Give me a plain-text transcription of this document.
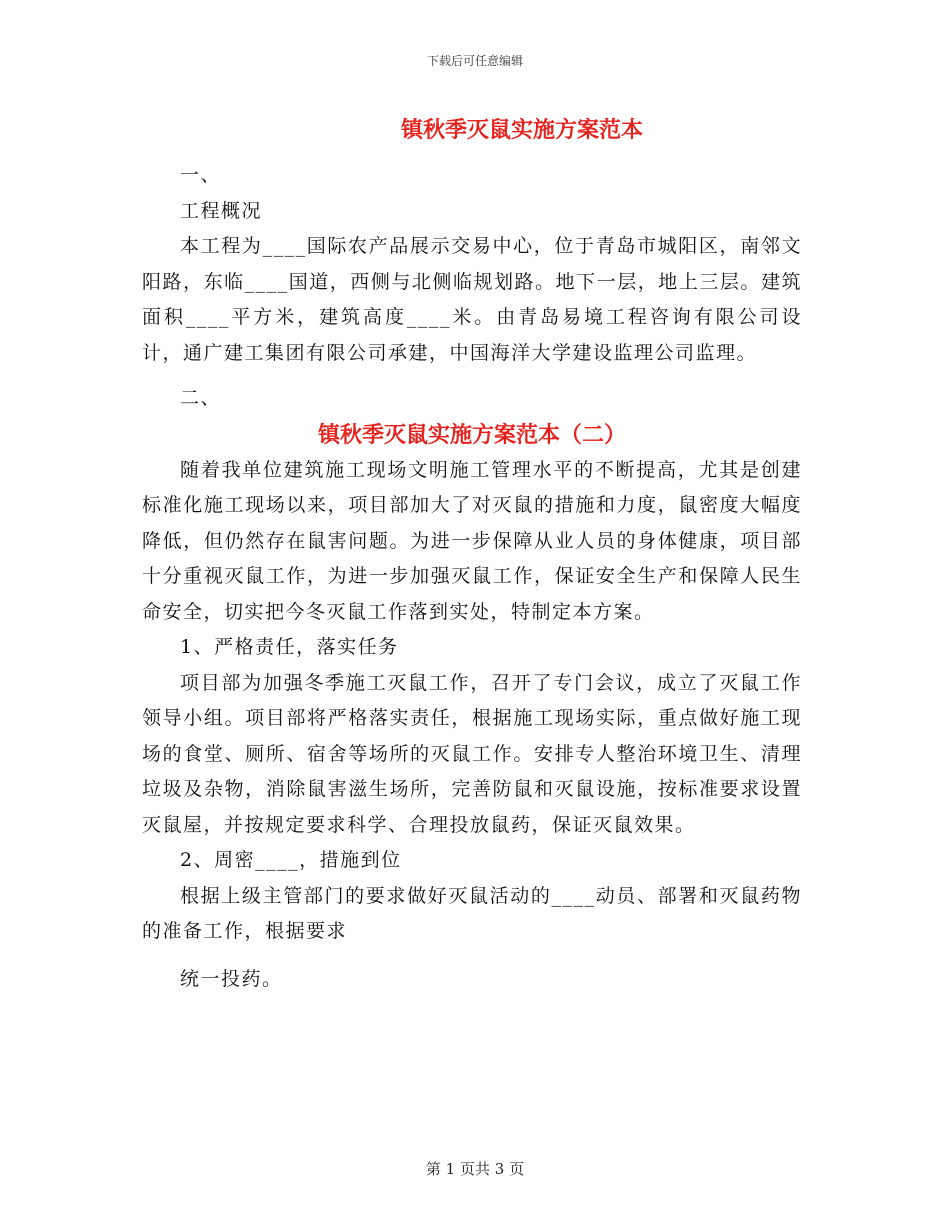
下载后可任意编辑
镇秋季灭鼠实施方案范本

一、

工程概况

本工程为____国际农产品展示交易中心，位于青岛市城阳区，南邻文阳路，东临____国道，西侧与北侧临规划路。地下一层，地上三层。建筑面积____平方米，建筑高度____米。由青岛易境工程咨询有限公司设计，通广建工集团有限公司承建，中国海洋大学建设监理公司监理。

二、

镇秋季灭鼠实施方案范本（二）

随着我单位建筑施工现场文明施工管理水平的不断提高，尤其是创建标准化施工现场以来，项目部加大了对灭鼠的措施和力度，鼠密度大幅度降低，但仍然存在鼠害问题。为进一步保障从业人员的身体健康，项目部十分重视灭鼠工作，为进一步加强灭鼠工作，保证安全生产和保障人民生命安全，切实把今冬灭鼠工作落到实处，特制定本方案。

1、严格责任，落实任务

项目部为加强冬季施工灭鼠工作，召开了专门会议，成立了灭鼠工作领导小组。项目部将严格落实责任，根据施工现场实际，重点做好施工现场的食堂、厕所、宿舍等场所的灭鼠工作。安排专人整治环境卫生、清理垃圾及杂物，消除鼠害滋生场所，完善防鼠和灭鼠设施，按标准要求设置灭鼠屋，并按规定要求科学、合理投放鼠药，保证灭鼠效果。

2、周密____，措施到位

根据上级主管部门的要求做好灭鼠活动的____动员、部署和灭鼠药物的准备工作，根据要求

统一投药。

第 1 页共 3 页
